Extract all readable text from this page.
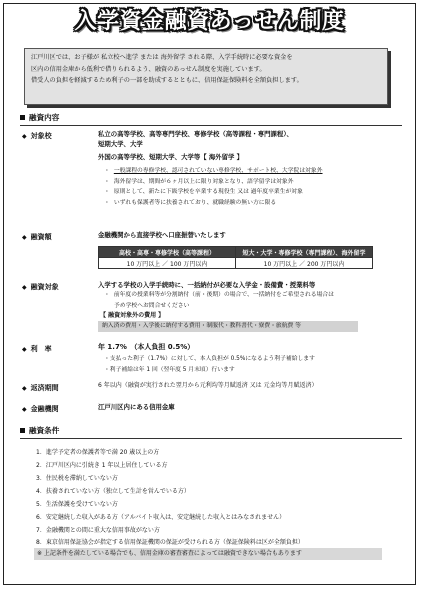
入学資金融資あっせん制度
江戸川区では、お子様が 私立校へ進学 または 海外留学 される際、入学手続時に必要な資金を
区内の信用金庫から低利で借りられるよう、融資のあっせん制度を実施しています。
借受人の負担を軽減するため利子の一部を助成するとともに、信用保証保険料を全額負担します。
融資内容
◆ 対象校	私立の高等学校、高等専門学校、専修学校（高等課程・専門課程）、
短期大学、大学
外国の高等学校、短期大学、大学等【 海外留学 】
・ 一般課程の専修学校、認可されていない専修学校、サポート校、大学院は対象外
・ 海外留学は、期間が６ヶ月以上に限り対象となり、語学留学は対象外
・ 原則として、新たに下級学校を卒業する現役生 又は 過年度卒業生が対象
・ いずれも保護者等に扶養されており、就職経験の無い方に限る
◆ 融資額	金融機関から直接学校へ口座振替いたします
高校・高専・専修学校（高等課程）	短大・大学・専修学校（専門課程）、海外留学
10 万円以上 ／ 100 万円以内	10 万円以上 ／ 200 万円以内
◆ 融資対象	入学する学校の入学手続時に、一括納付が必要な入学金・設備費・授業料等
・ 前年度の授業料等が分割納付（前・後期）の場合で、一括納付をご希望される場合は
予め学校へお問合せください
【 融資対象外の費用 】
納入済の費用・入学後に納付する費用・制服代・教科書代・寮費・旅航費 等
◆ 利　率	年 1.7%　（本人負担 0.5%）
・支払った利子（1.7%）に対して、本人負担が 0.5%になるよう利子補給します
・利子補給は年 1 回（翌年度 5 月末頃）行います
◆ 返済期間	6 年以内（融資が実行された翌月から元利均等月賦返済 又は 元金均等月賦返済）
◆ 金融機関	江戸川区内にある信用金庫
融資条件
1．進学予定者の保護者等で満 20 歳以上の方
2．江戸川区内に引続き 1 年以上居住している方
3．住民税を滞納していない方
4．扶養されていない方（独立して生計を営んでいる方）
5．生活保護を受けていない方
6．安定継続した収入がある方（アルバイト収入は、安定継続した収入とはみなされません）
7．金融機関との間に重大な信用事故がない方
8．東京信用保証協会が指定する信用保証機関の保証が受けられる方（保証保険料は区が全額負担）
※ 上記条件を満たしている場合でも、信用金庫の審査審査によっては融資できない場合もあります
